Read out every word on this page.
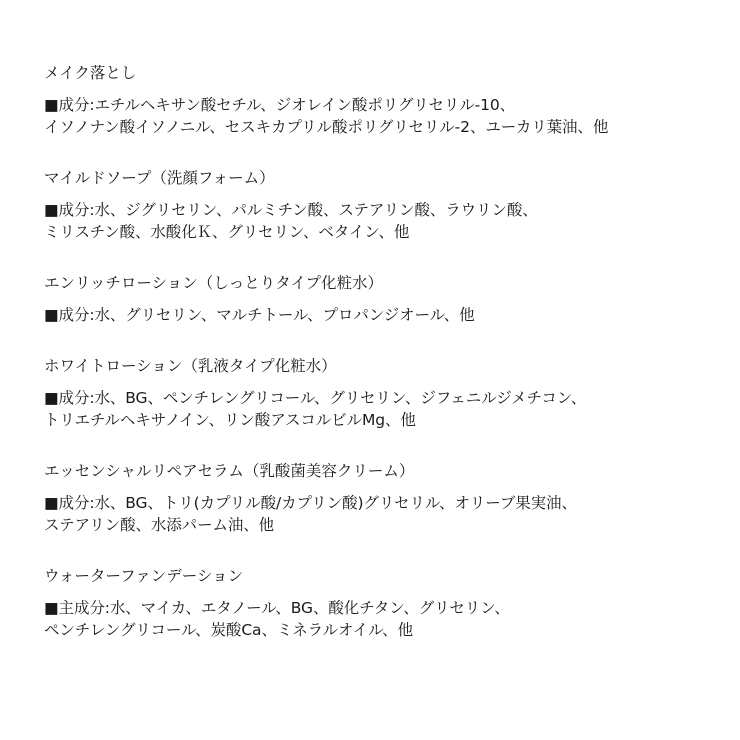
メイク落とし
■成分:エチルヘキサン酸セチル、ジオレイン酸ポリグリセリル-10、
イソノナン酸イソノニル、セスキカプリル酸ポリグリセリル-2、ユーカリ葉油、他
マイルドソープ（洗顔フォーム）
■成分:水、ジグリセリン、パルミチン酸、ステアリン酸、ラウリン酸、
ミリスチン酸、水酸化Ｋ、グリセリン、ベタイン、他
エンリッチローション（しっとりタイプ化粧水）
■成分:水、グリセリン、マルチトール、プロパンジオール、他
ホワイトローション（乳液タイプ化粧水）
■成分:水、BG、ペンチレングリコール、グリセリン、ジフェニルジメチコン、
トリエチルヘキサノイン、リン酸アスコルビルMg、他
エッセンシャルリペアセラム（乳酸菌美容クリーム）
■成分:水、BG、トリ(カプリル酸/カプリン酸)グリセリル、オリーブ果実油、
ステアリン酸、水添パーム油、他
ウォーターファンデーション
■主成分:水、マイカ、エタノール、BG、酸化チタン、グリセリン、
ペンチレングリコール、炭酸Ca、ミネラルオイル、他
